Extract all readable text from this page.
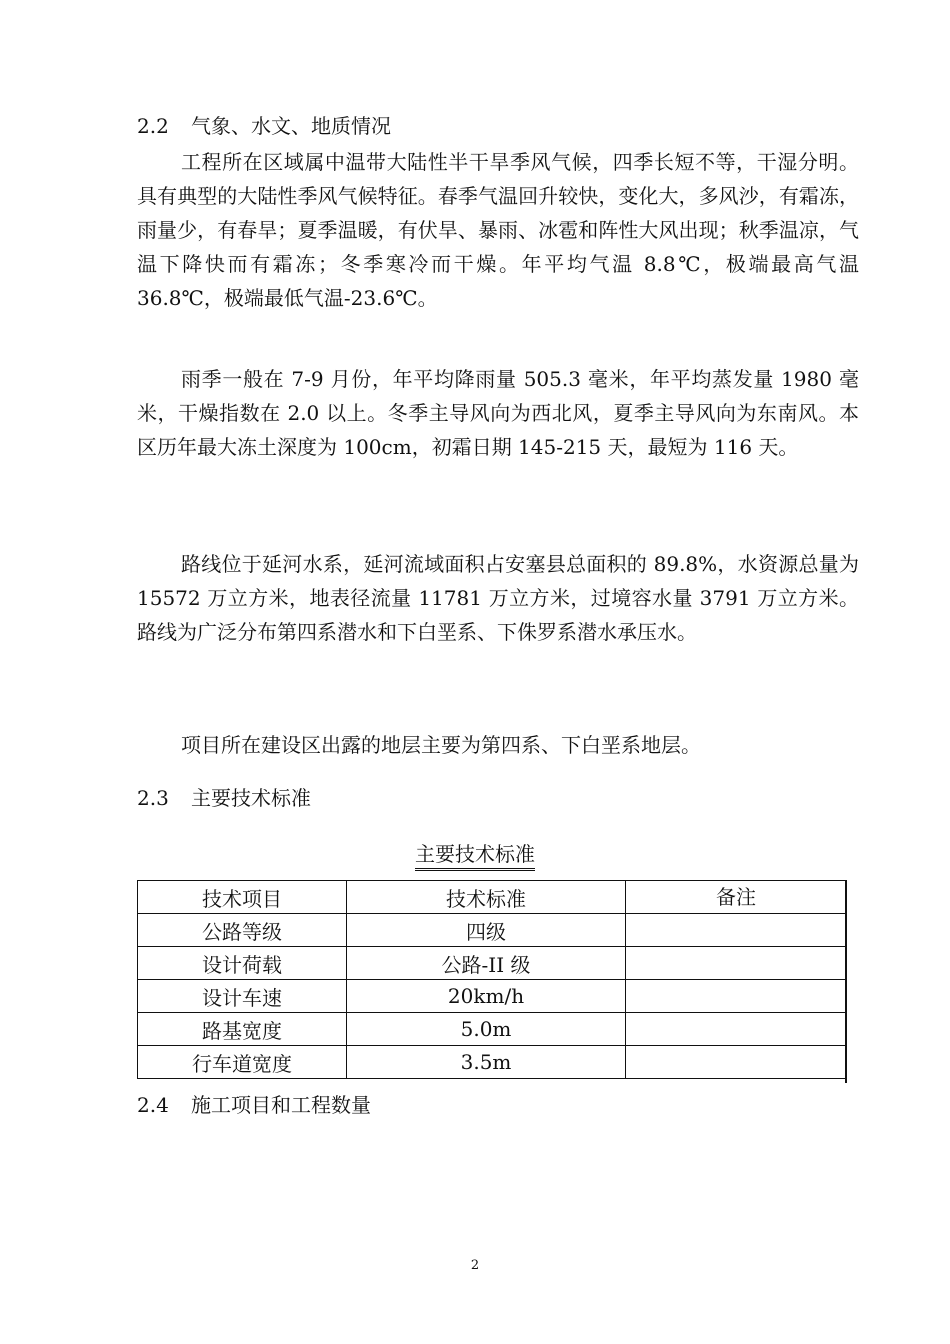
2.2 气象、水文、地质情况

工程所在区域属中温带大陆性半干旱季风气候，四季长短不等，干湿分明。具有典型的大陆性季风气候特征。春季气温回升较快，变化大，多风沙，有霜冻，雨量少，有春旱；夏季温暖，有伏旱、暴雨、冰雹和阵性大风出现；秋季温凉，气温下降快而有霜冻；冬季寒冷而干燥。年平均气温 8.8℃，极端最高气温 36.8℃，极端最低气温-23.6℃。

雨季一般在 7-9 月份，年平均降雨量 505.3 毫米，年平均蒸发量 1980 毫米，干燥指数在 2.0 以上。冬季主导风向为西北风，夏季主导风向为东南风。本区历年最大冻土深度为 100cm，初霜日期 145-215 天，最短为 116 天。

路线位于延河水系，延河流域面积占安塞县总面积的 89.8%，水资源总量为 15572 万立方米，地表径流量 11781 万立方米，过境容水量 3791 万立方米。路线为广泛分布第四系潜水和下白垩系、下侏罗系潜水承压水。

项目所在建设区出露的地层主要为第四系、下白垩系地层。

2.3 主要技术标准
主要技术标准
技术项目	技术标准	备注
公路等级	四级	
设计荷载	公路-II 级	
设计车速	20km/h	
路基宽度	5.0m	
行车道宽度	3.5m	
2.4 施工项目和工程数量
2
